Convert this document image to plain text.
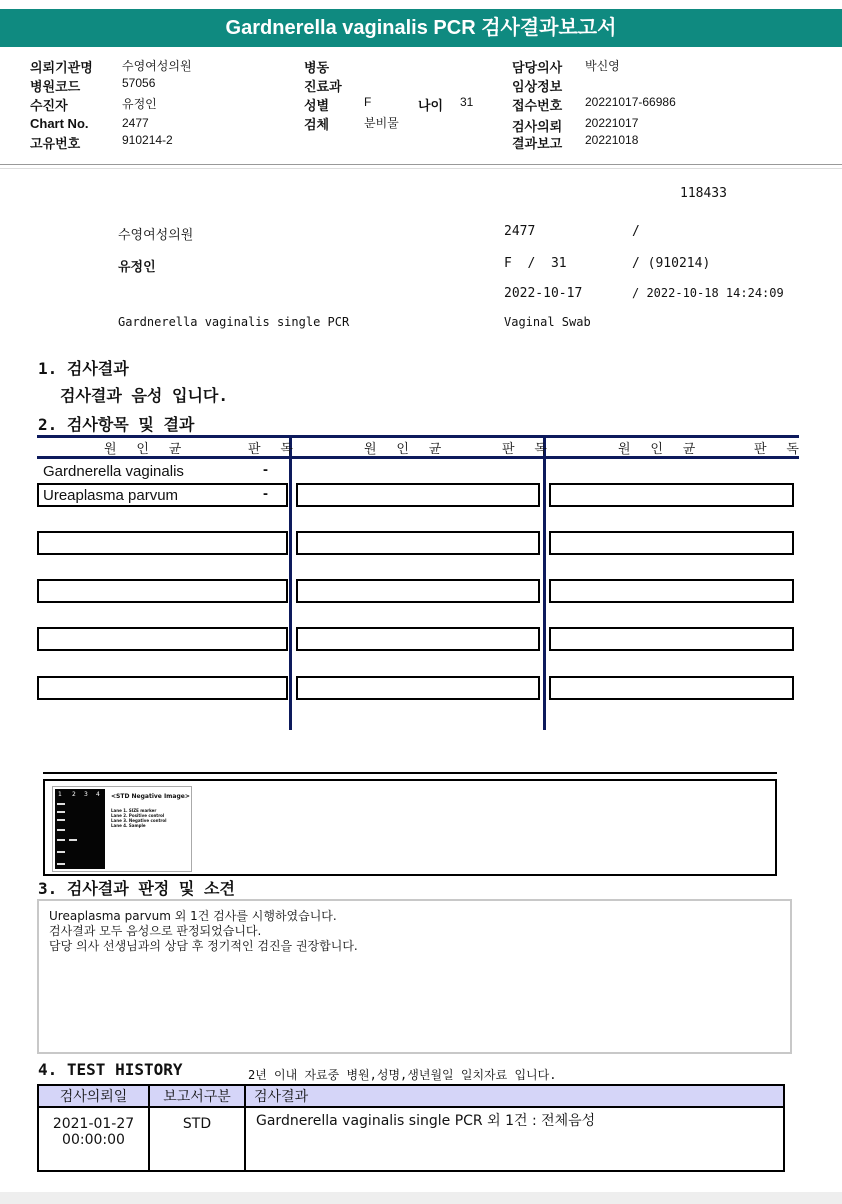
Gardnerella vaginalis PCR 검사결과보고서
의뢰기관명 수영여성의원
병원코드	57056
수진자	유정인
Chart No.	2477
고유번호	910214-2
병동
진료과
성별	F	나이 31
검체	분비물
담당의사 박신영
임상정보
접수번호 20221017-66986
검사의뢰 20221017
결과보고 20221018
118433
수영여성의원	2477	/
유정인	F  /  31	/ (910214)
2022-10-17	/ 2022-10-18 14:24:09
Gardnerella vaginalis single PCR	Vaginal Swab
1. 검사결과
검사결과 음성 입니다.
2. 검사항목 및 결과
원 인 균	판 독	원 인 균	판 독	원 인 균	판 독
Gardnerella vaginalis	-
Ureaplasma parvum	-
1 2 3 4 <STD Negative Image>
Lane 1. SIZE marker
Lane 2. Positive control
Lane 3. Negative control
Lane 4. Sample
3. 검사결과 판정 및 소견
Ureaplasma parvum 외 1건 검사를 시행하였습니다.
검사결과 모두 음성으로 판정되었습니다.
담당 의사 선생님과의 상담 후 정기적인 검진을 권장합니다.
4. TEST HISTORY	2년 이내 자료중 병원,성명,생년월일 일치자료 입니다.
검사의뢰일	보고서구분	검사결과

2021-01-27
00:00:00	STD	Gardnerella vaginalis single PCR 외 1건 : 전체음성
